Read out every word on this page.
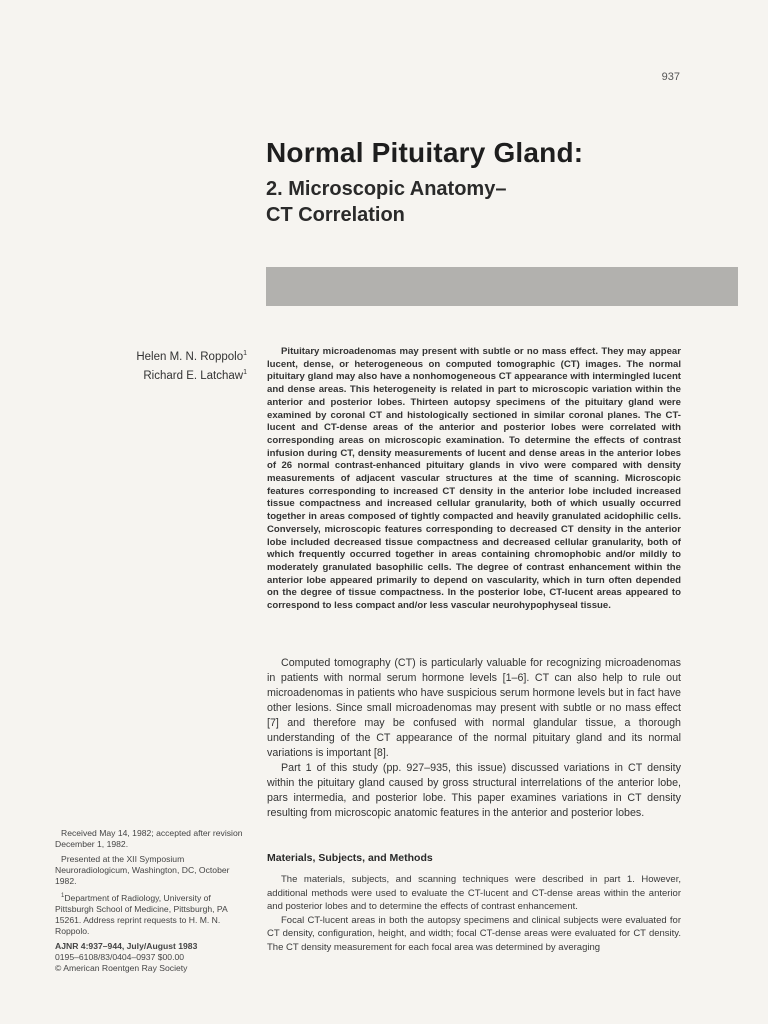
937
Normal Pituitary Gland:
2. Microscopic Anatomy–
CT Correlation
Helen M. N. Roppolo$^1$
Richard E. Latchaw$^1$

Pituitary microadenomas may present with subtle or no mass effect. They may appear lucent, dense, or heterogeneous on computed tomographic (CT) images. The normal pituitary gland may also have a nonhomogeneous CT appearance with intermingled lucent and dense areas. This heterogeneity is related in part to microscopic variation within the anterior and posterior lobes. Thirteen autopsy specimens of the pituitary gland were examined by coronal CT and histologically sectioned in similar coronal planes. The CT-lucent and CT-dense areas of the anterior and posterior lobes were correlated with corresponding areas on microscopic examination. To determine the effects of contrast infusion during CT, density measurements of lucent and dense areas in the anterior lobes of 26 normal contrast-enhanced pituitary glands in vivo were compared with density measurements of adjacent vascular structures at the time of scanning. Microscopic features corresponding to increased CT density in the anterior lobe included increased tissue compactness and increased cellular granularity, both of which usually occurred together in areas composed of tightly compacted and heavily granulated acidophilic cells. Conversely, microscopic features corresponding to decreased CT density in the anterior lobe included decreased tissue compactness and decreased cellular granularity, both of which frequently occurred together in areas containing chromophobic and/or mildly to moderately granulated basophilic cells. The degree of contrast enhancement within the anterior lobe appeared primarily to depend on vascularity, which in turn often depended on the degree of tissue compactness. In the posterior lobe, CT-lucent areas appeared to correspond to less compact and/or less vascular neurohypophyseal tissue.

Computed tomography (CT) is particularly valuable for recognizing microadenomas in patients with normal serum hormone levels [1–6]. CT can also help to rule out microadenomas in patients who have suspicious serum hormone levels but in fact have other lesions. Since small microadenomas may present with subtle or no mass effect [7] and therefore may be confused with normal glandular tissue, a thorough understanding of the CT appearance of the normal pituitary gland and its normal variations is important [8].

Part 1 of this study (pp. 927–935, this issue) discussed variations in CT density within the pituitary gland caused by gross structural interrelations of the anterior lobe, pars intermedia, and posterior lobe. This paper examines variations in CT density resulting from microscopic anatomic features in the anterior and posterior lobes.

Materials, Subjects, and Methods

The materials, subjects, and scanning techniques were described in part 1. However, additional methods were used to evaluate the CT-lucent and CT-dense areas within the anterior and posterior lobes and to determine the effects of contrast enhancement.

Focal CT-lucent areas in both the autopsy specimens and clinical subjects were evaluated for CT density, configuration, height, and width; focal CT-dense areas were evaluated for CT density. The CT density measurement for each focal area was determined by averaging

Received May 14, 1982; accepted after revision December 1, 1982.

Presented at the XII Symposium Neuroradiologicum, Washington, DC, October 1982.

$^1$Department of Radiology, University of Pittsburgh School of Medicine, Pittsburgh, PA 15261. Address reprint requests to H. M. N. Roppolo.

AJNR 4:937–944, July/August 1983
0195–6108/83/0404–0937 $00.00
© American Roentgen Ray Society
